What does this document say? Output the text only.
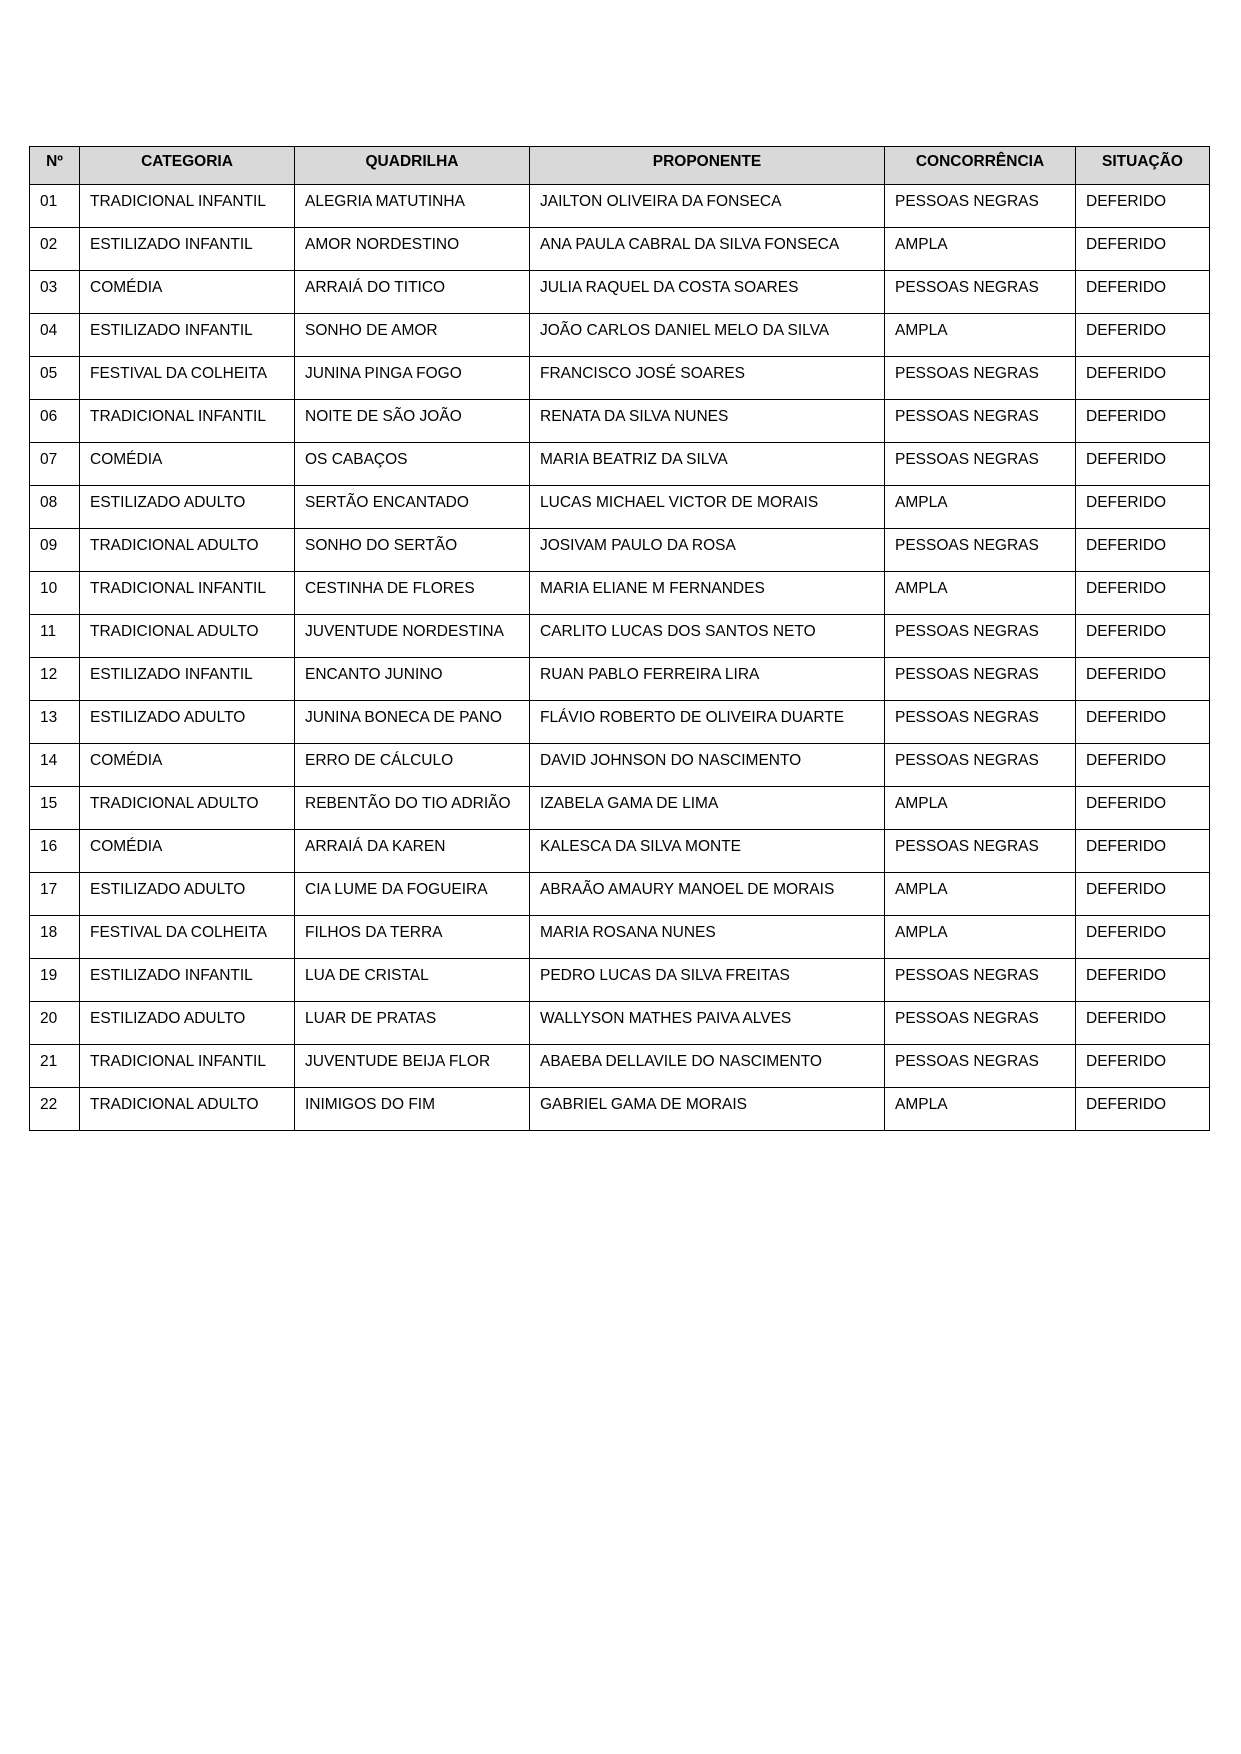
Nº	CATEGORIA	QUADRILHA	PROPONENTE	CONCORRÊNCIA	SITUAÇÃO
01	TRADICIONAL INFANTIL	ALEGRIA MATUTINHA	JAILTON OLIVEIRA DA FONSECA	PESSOAS NEGRAS	DEFERIDO
02	ESTILIZADO INFANTIL	AMOR NORDESTINO	ANA PAULA CABRAL DA SILVA FONSECA	AMPLA	DEFERIDO
03	COMÉDIA	ARRAIÁ DO TITICO	JULIA RAQUEL DA COSTA SOARES	PESSOAS NEGRAS	DEFERIDO
04	ESTILIZADO INFANTIL	SONHO DE AMOR	JOÃO CARLOS DANIEL MELO DA SILVA	AMPLA	DEFERIDO
05	FESTIVAL DA COLHEITA	JUNINA PINGA FOGO	FRANCISCO JOSÉ SOARES	PESSOAS NEGRAS	DEFERIDO
06	TRADICIONAL INFANTIL	NOITE DE SÃO JOÃO	RENATA DA SILVA NUNES	PESSOAS NEGRAS	DEFERIDO
07	COMÉDIA	OS CABAÇOS	MARIA BEATRIZ DA SILVA	PESSOAS NEGRAS	DEFERIDO
08	ESTILIZADO ADULTO	SERTÃO ENCANTADO	LUCAS MICHAEL VICTOR DE MORAIS	AMPLA	DEFERIDO
09	TRADICIONAL ADULTO	SONHO DO SERTÃO	JOSIVAM PAULO DA ROSA	PESSOAS NEGRAS	DEFERIDO
10	TRADICIONAL INFANTIL	CESTINHA DE FLORES	MARIA ELIANE M FERNANDES	AMPLA	DEFERIDO
11	TRADICIONAL ADULTO	JUVENTUDE NORDESTINA	CARLITO LUCAS DOS SANTOS NETO	PESSOAS NEGRAS	DEFERIDO
12	ESTILIZADO INFANTIL	ENCANTO JUNINO	RUAN PABLO FERREIRA LIRA	PESSOAS NEGRAS	DEFERIDO
13	ESTILIZADO ADULTO	JUNINA BONECA DE PANO	FLÁVIO ROBERTO DE OLIVEIRA DUARTE	PESSOAS NEGRAS	DEFERIDO
14	COMÉDIA	ERRO DE CÁLCULO	DAVID JOHNSON DO NASCIMENTO	PESSOAS NEGRAS	DEFERIDO
15	TRADICIONAL ADULTO	REBENTÃO DO TIO ADRIÃO	IZABELA GAMA DE LIMA	AMPLA	DEFERIDO
16	COMÉDIA	ARRAIÁ DA KAREN	KALESCA DA SILVA MONTE	PESSOAS NEGRAS	DEFERIDO
17	ESTILIZADO ADULTO	CIA LUME DA FOGUEIRA	ABRAÃO AMAURY MANOEL DE MORAIS	AMPLA	DEFERIDO
18	FESTIVAL DA COLHEITA	FILHOS DA TERRA	MARIA ROSANA NUNES	AMPLA	DEFERIDO
19	ESTILIZADO INFANTIL	LUA DE CRISTAL	PEDRO LUCAS DA SILVA FREITAS	PESSOAS NEGRAS	DEFERIDO
20	ESTILIZADO ADULTO	LUAR DE PRATAS	WALLYSON MATHES PAIVA ALVES	PESSOAS NEGRAS	DEFERIDO
21	TRADICIONAL INFANTIL	JUVENTUDE BEIJA FLOR	ABAEBA DELLAVILE DO NASCIMENTO	PESSOAS NEGRAS	DEFERIDO
22	TRADICIONAL ADULTO	INIMIGOS DO FIM	GABRIEL GAMA DE MORAIS	AMPLA	DEFERIDO
